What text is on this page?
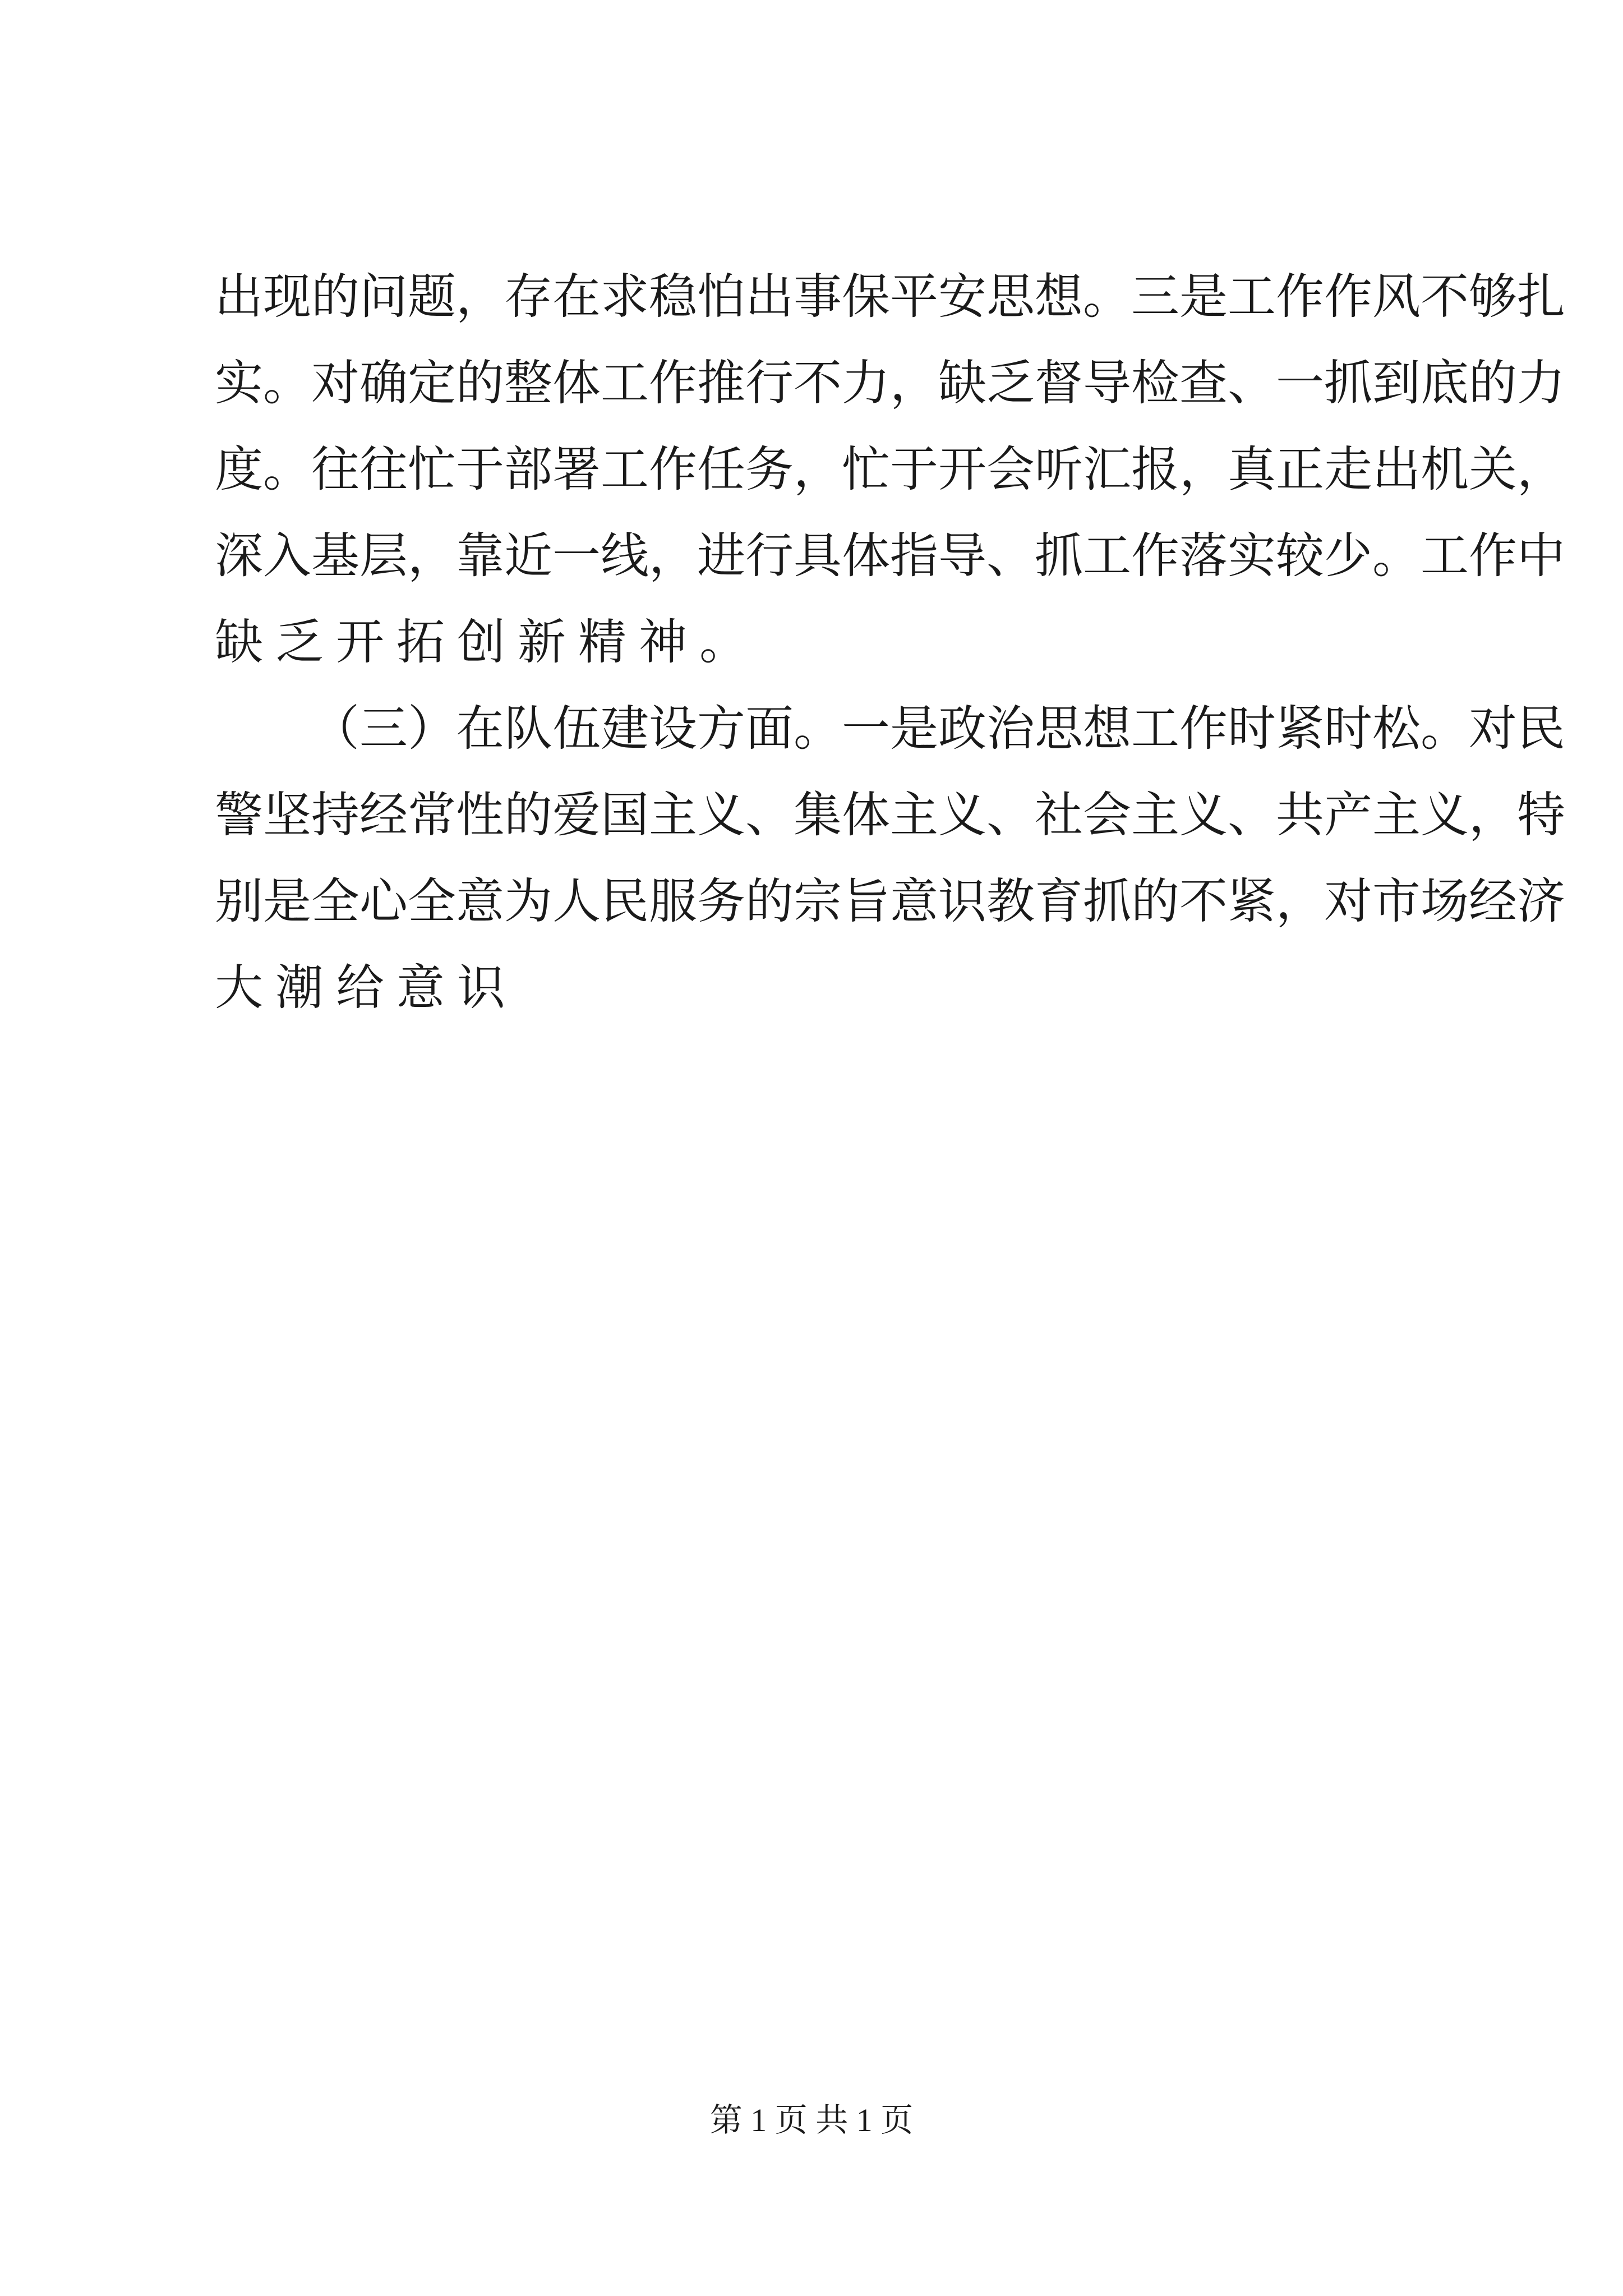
出现的问题，存在求稳怕出事保平安思想。三是工作作风不够扎
实。对确定的整体工作推行不力，缺乏督导检查、一抓到底的力
度。往往忙于部署工作任务，忙于开会听汇报，真正走出机关，
深入基层，靠近一线，进行具体指导、抓工作落实较少。工作中
缺乏开拓创新精神。
（三）在队伍建设方面。一是政治思想工作时紧时松。对民
警坚持经常性的爱国主义、集体主义、社会主义、共产主义，特
别是全心全意为人民服务的宗旨意识教育抓的不紧，对市场经济
大潮给意识
第 1 页 共 1 页
